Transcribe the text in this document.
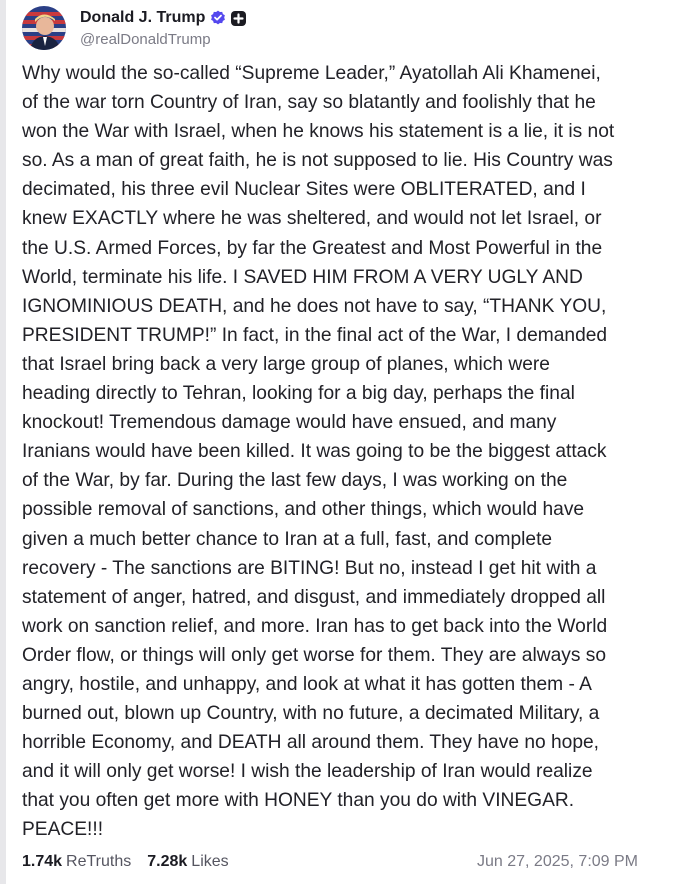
Donald J. Trump
@realDonaldTrump
Why would the so-called “Supreme Leader,” Ayatollah Ali Khamenei,
of the war torn Country of Iran, say so blatantly and foolishly that he
won the War with Israel, when he knows his statement is a lie, it is not
so. As a man of great faith, he is not supposed to lie. His Country was
decimated, his three evil Nuclear Sites were OBLITERATED, and I
knew EXACTLY where he was sheltered, and would not let Israel, or
the U.S. Armed Forces, by far the Greatest and Most Powerful in the
World, terminate his life. I SAVED HIM FROM A VERY UGLY AND
IGNOMINIOUS DEATH, and he does not have to say, “THANK YOU,
PRESIDENT TRUMP!” In fact, in the final act of the War, I demanded
that Israel bring back a very large group of planes, which were
heading directly to Tehran, looking for a big day, perhaps the final
knockout! Tremendous damage would have ensued, and many
Iranians would have been killed. It was going to be the biggest attack
of the War, by far. During the last few days, I was working on the
possible removal of sanctions, and other things, which would have
given a much better chance to Iran at a full, fast, and complete
recovery - The sanctions are BITING! But no, instead I get hit with a
statement of anger, hatred, and disgust, and immediately dropped all
work on sanction relief, and more. Iran has to get back into the World
Order flow, or things will only get worse for them. They are always so
angry, hostile, and unhappy, and look at what it has gotten them - A
burned out, blown up Country, with no future, a decimated Military, a
horrible Economy, and DEATH all around them. They have no hope,
and it will only get worse! I wish the leadership of Iran would realize
that you often get more with HONEY than you do with VINEGAR.
PEACE!!!
1.74k ReTruths 7.28k Likes	Jun 27, 2025, 7:09 PM
